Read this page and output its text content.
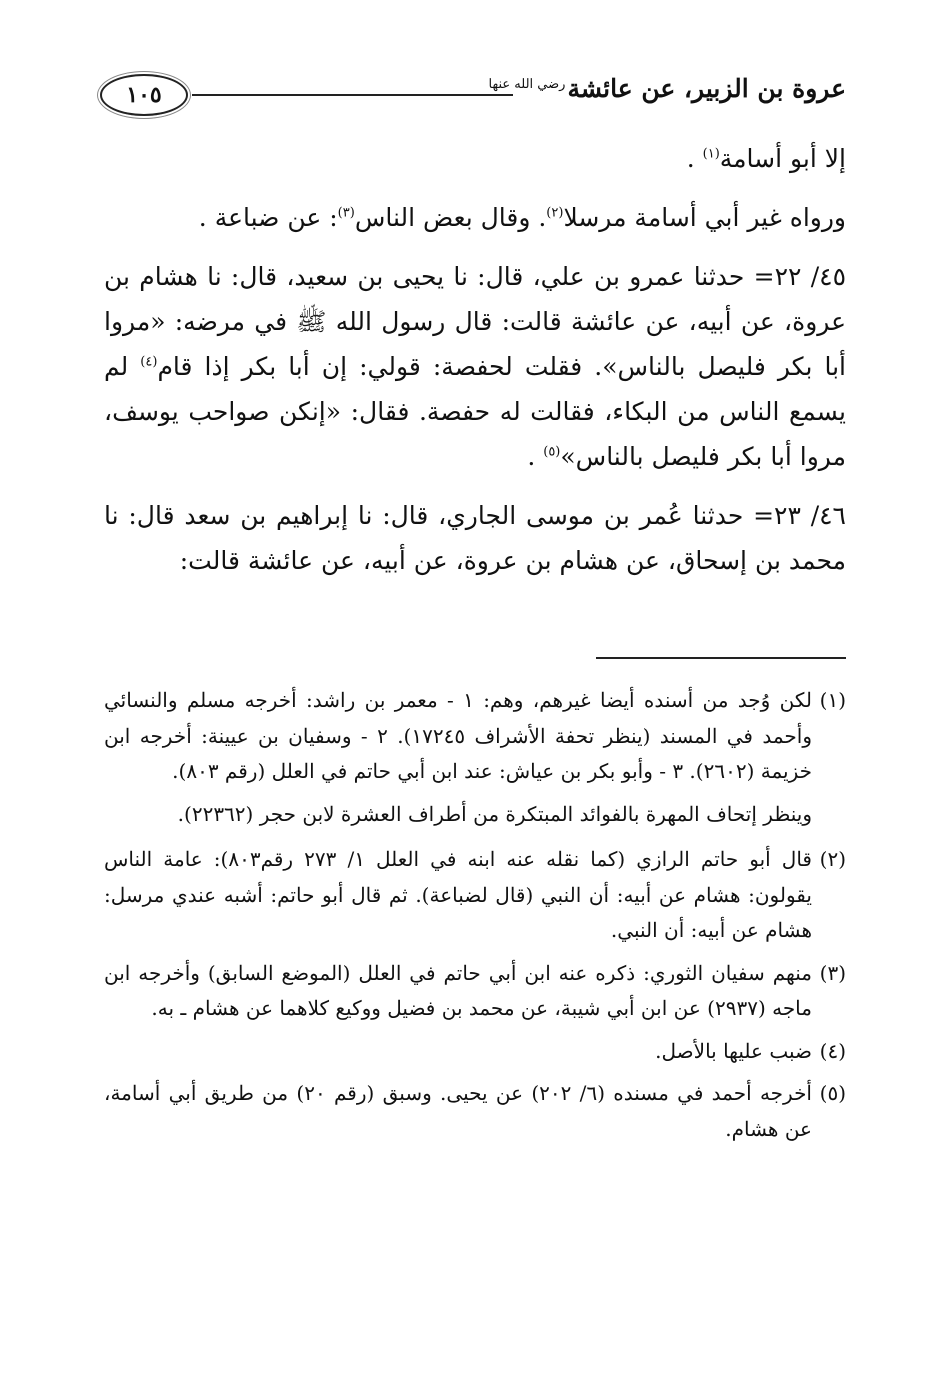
عروة بن الزبير، عن عائشة$^{رضي الله عنها}$
١٠٥

إلا أبو أسامة$^{(١)}$ .

ورواه غير أبي أسامة مرسلا$^{(٢)}$. وقال بعض الناس$^{(٣)}$: عن ضباعة .

٤٥/ ٢٢= حدثنا عمرو بن علي، قال: نا يحيى بن سعيد، قال: نا هشام بن عروة، عن أبيه، عن عائشة قالت: قال رسول الله ﷺ في مرضه: «مروا أبا بكر فليصل بالناس». فقلت لحفصة: قولي: إن أبا بكر إذا قام$^{(٤)}$ لم يسمع الناس من البكاء، فقالت له حفصة. فقال: «إنكن صواحب يوسف، مروا أبا بكر فليصل بالناس»$^{(٥)}$ .

٤٦/ ٢٣= حدثنا عُمر بن موسى الجاري، قال: نا إبراهيم بن سعد قال: نا محمد بن إسحاق، عن هشام بن عروة، عن أبيه، عن عائشة قالت:

(١)
لكن وُجد من أسنده أيضا غيرهم، وهم: ١ - معمر بن راشد: أخرجه مسلم والنسائي وأحمد في المسند (ينظر تحفة الأشراف ١٧٢٤٥). ٢ - وسفيان بن عيينة: أخرجه ابن خزيمة (٢٦٠٢). ٣ - وأبو بكر بن عياش: عند ابن أبي حاتم في العلل (رقم ٨٠٣).

وينظر إتحاف المهرة بالفوائد المبتكرة من أطراف العشرة لابن حجر (٢٢٣٦٢).

(٢)
قال أبو حاتم الرازي (كما نقله عنه ابنه في العلل ١/ ٢٧٣ رقم٨٠٣): عامة الناس يقولون: هشام عن أبيه: أن النبي (قال لضباعة). ثم قال أبو حاتم: أشبه عندي مرسل: هشام عن أبيه: أن النبي.
(٣)
منهم سفيان الثوري: ذكره عنه ابن أبي حاتم في العلل (الموضع السابق) وأخرجه ابن ماجه (٢٩٣٧) عن ابن أبي شيبة، عن محمد بن فضيل ووكيع كلاهما عن هشام ـ به.
(٤)
ضبب عليها بالأصل.
(٥)
أخرجه أحمد في مسنده (٦/ ٢٠٢) عن يحيى. وسبق (رقم ٢٠) من طريق أبي أسامة، عن هشام.
